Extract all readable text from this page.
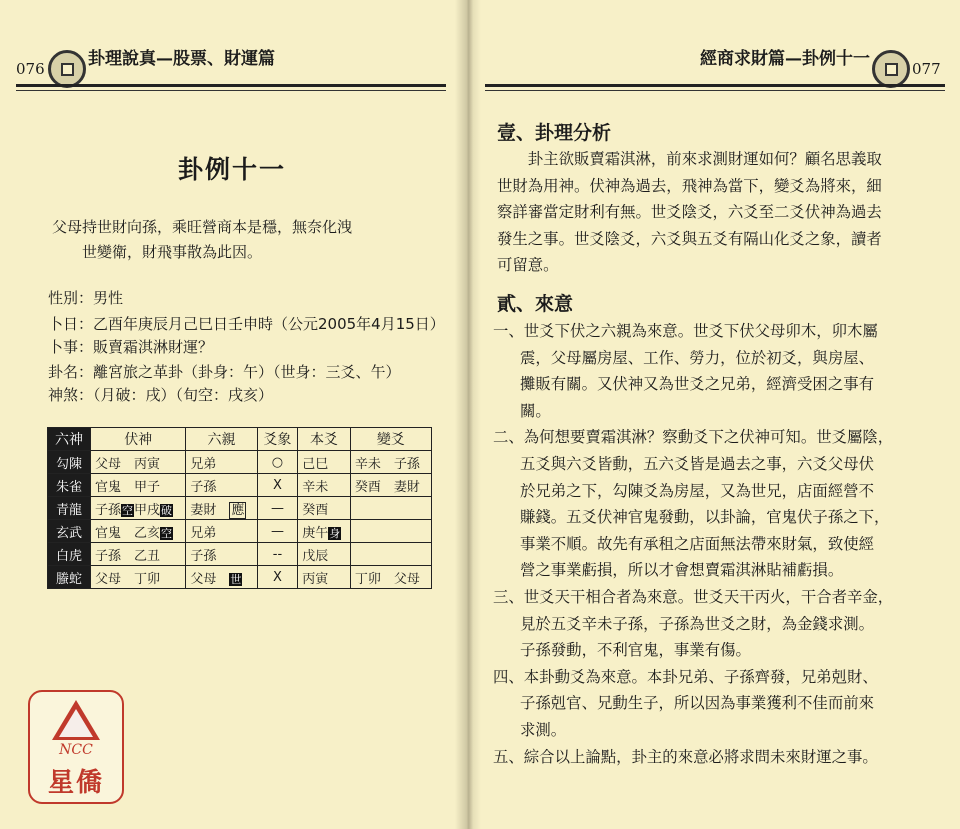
076	卦理說真—股票、財運篇	經商求財篇—卦例十一	077
卦例十一
父母持世財向孫，乘旺營商本是穩，無奈化洩
世變衛，財飛事散為此因。
性別：男性
卜日：乙酉年庚辰月己巳日壬申時（公元2005年4月15日）
卜事：販賣霜淇淋財運？
卦名：離宮旅之革卦（卦身：午）（世身：三爻、午）
神煞：（月破：戌）（旬空：戌亥）
六神	伏神	六親	爻象	本爻	變爻
勾陳	父母　丙寅	兄弟	○	己巳	辛未　子孫
朱雀	官鬼　甲子	子孫	X	辛未	癸酉　妻財
青龍	子孫空甲戌破	妻財　 應	—	癸酉	
玄武	官鬼　乙亥空	兄弟	—	庚午身	
白虎	子孫　乙丑	子孫	--	戊辰	
螣蛇	父母　丁卯	父母　 世	X	丙寅	丁卯　父母
NCC
星僑
壹、卦理分析

　　卦主欲販賣霜淇淋，前來求測財運如何？顧名思義取

世財為用神。伏神為過去，飛神為當下，變爻為將來，細

察詳審當定財利有無。世爻陰爻，六爻至二爻伏神為過去

發生之事。世爻陰爻，六爻與五爻有隔山化爻之象，讀者

可留意。

貳、來意

一、世爻下伏之六親為來意。世爻下伏父母卯木，卯木屬
震，父母屬房屋、工作、勞力，位於初爻，與房屋、
攤販有關。又伏神又為世爻之兄弟，經濟受困之事有
關。

二、為何想要賣霜淇淋？察動爻下之伏神可知。世爻屬陰，
五爻與六爻皆動，五六爻皆是過去之事，六爻父母伏
於兄弟之下，勾陳爻為房屋，又為世兄，店面經營不
賺錢。五爻伏神官鬼發動，以卦論，官鬼伏子孫之下，
事業不順。故先有承租之店面無法帶來財氣，致使經
營之事業虧損，所以才會想賣霜淇淋貼補虧損。

三、世爻天干相合者為來意。世爻天干丙火，干合者辛金，
見於五爻辛未子孫，子孫為世爻之財，為金錢求測。
子孫發動，不利官鬼，事業有傷。

四、本卦動爻為來意。本卦兄弟、子孫齊發，兄弟剋財、
子孫剋官、兄動生子，所以因為事業獲利不佳而前來
求測。

五、綜合以上論點，卦主的來意必將求問未來財運之事。
